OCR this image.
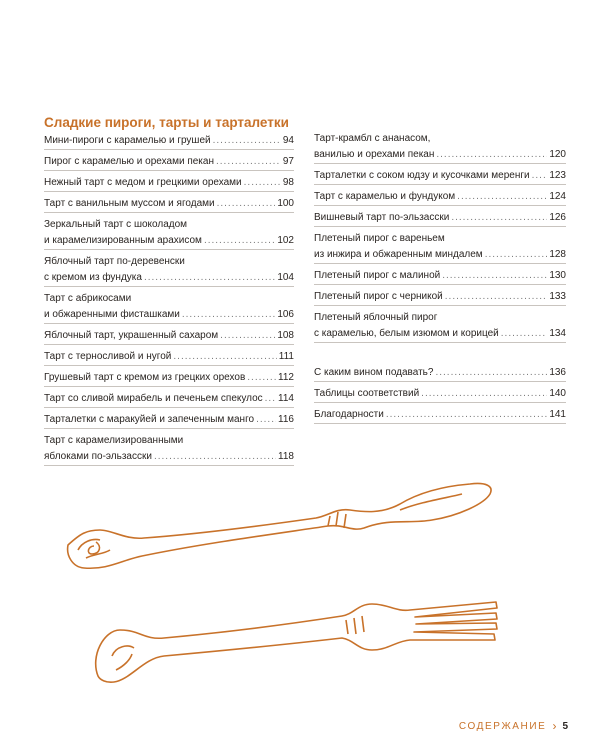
Сладкие пироги, тарты и тарталетки
Мини-пироги с карамелью и грушей .....	94
Пирог с карамелью и орехами пекан .....	97
Нежный тарт с медом и грецкими орехами .....	98
Тарт с ванильным муссом и ягодами .....	100
Зеркальный тарт с шоколадом
и карамелизированным арахисом .....	102
Яблочный тарт по-деревенски
с кремом из фундука .....	104
Тарт с абрикосами
и обжаренными фисташками .....	106
Яблочный тарт, украшенный сахаром .....	108
Тарт с терносливой и нугой .....	111
Грушевый тарт с кремом из грецких орехов .....	112
Тарт со сливой мирабель и печеньем спекулос ..... 114
Тарталетки с маракуйей и запеченным манго ..... 116
Тарт с карамелизированными
яблоками по-эльзасски .....	118
Тарт-крамбл с ананасом,
ванилью и орехами пекан .....	120
Тарталетки с соком юдзу и кусочками меренги ..... 123
Тарт с карамелью и фундуком .....	124
Вишневый тарт по-эльзасски .....	126
Плетеный пирог с вареньем
из инжира и обжаренным миндалем .....	128
Плетеный пирог с малиной .....	130
Плетеный пирог с черникой .....	133
Плетеный яблочный пирог
с карамелью, белым изюмом и корицей .....	134
С каким вином подавать? .....	136
Таблицы соответствий .....	140
Благодарности .....	141
СОДЕРЖАНИЕ › 5
